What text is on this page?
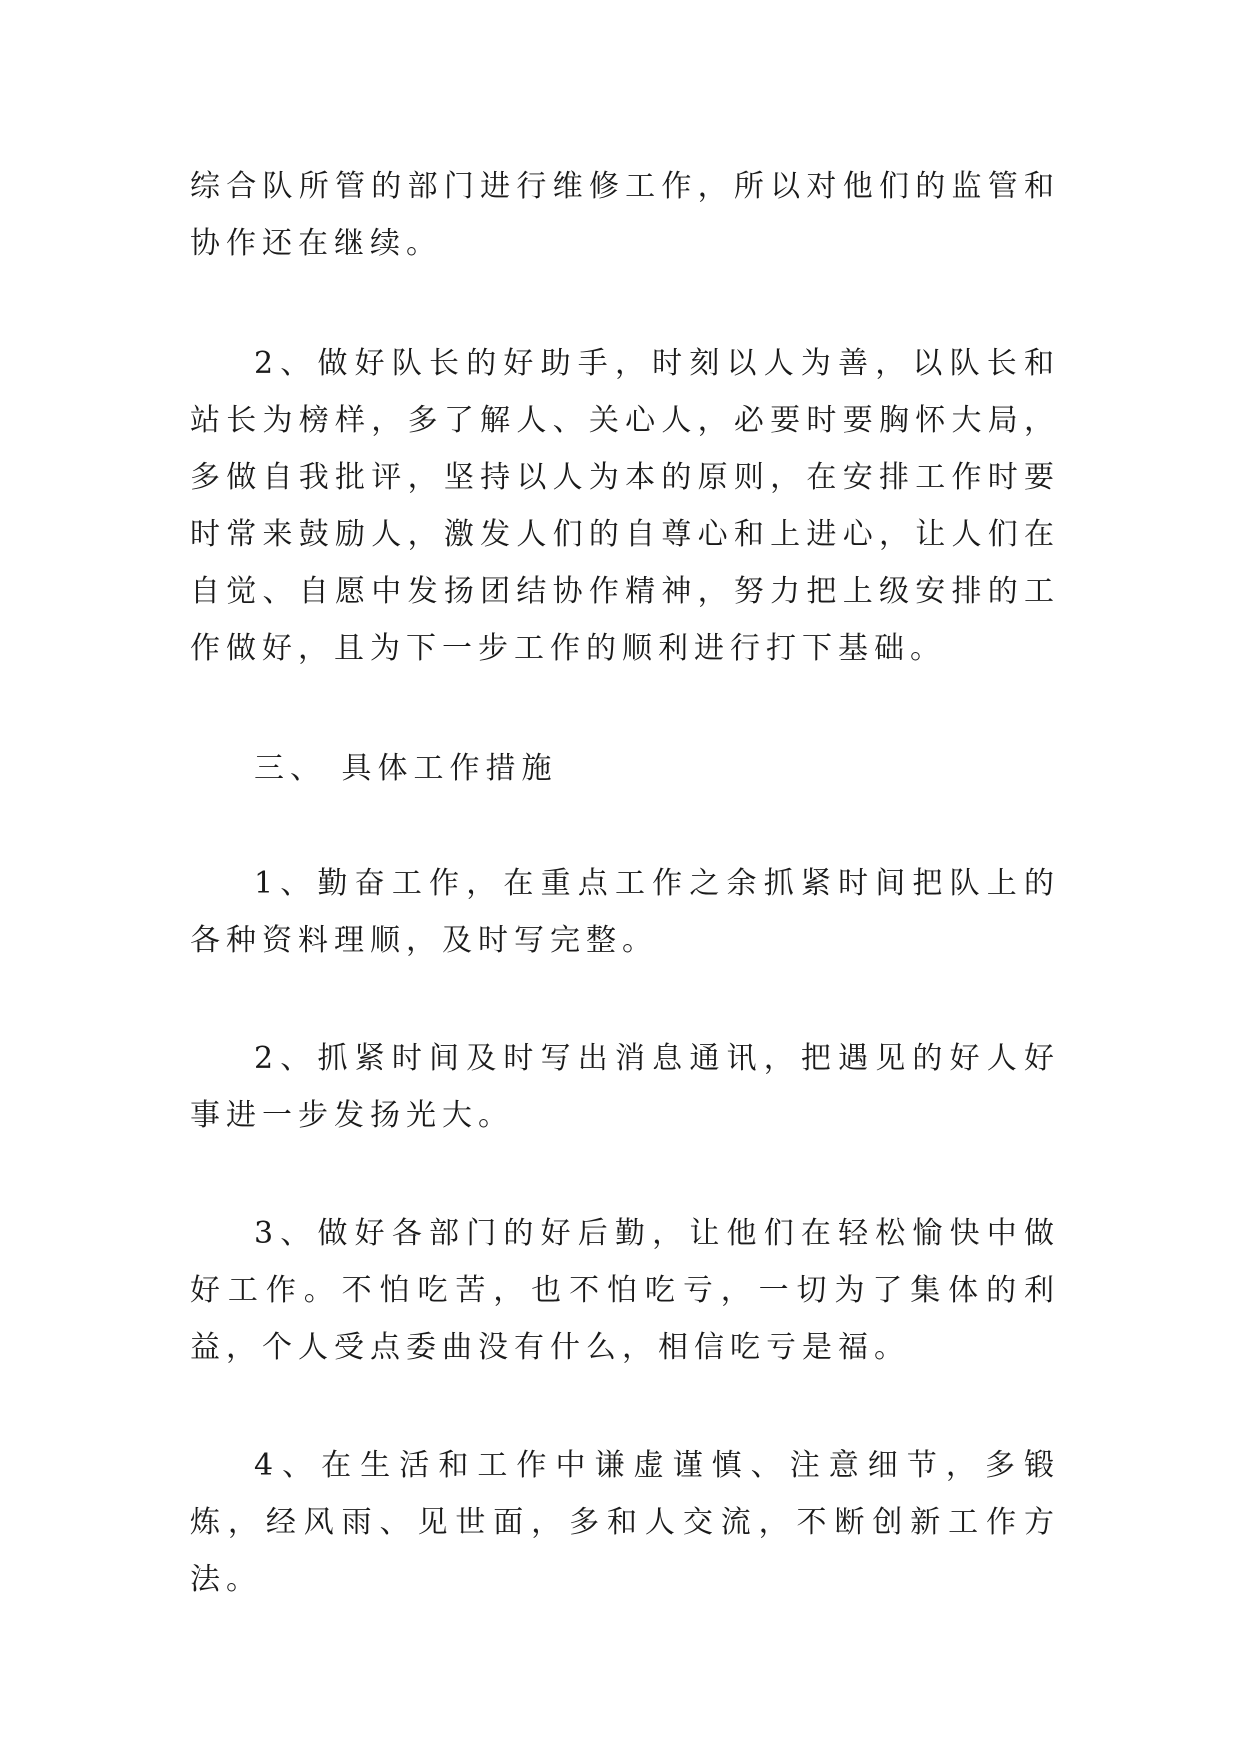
综合队所管的部门进行维修工作，所以对他们的监管和协作还在继续。

2、做好队长的好助手，时刻以人为善，以队长和站长为榜样，多了解人、关心人，必要时要胸怀大局，多做自我批评，坚持以人为本的原则，在安排工作时要时常来鼓励人，激发人们的自尊心和上进心，让人们在自觉、自愿中发扬团结协作精神，努力把上级安排的工作做好，且为下一步工作的顺利进行打下基础。

三、 具体工作措施

1、勤奋工作，在重点工作之余抓紧时间把队上的各种资料理顺，及时写完整。

2、抓紧时间及时写出消息通讯，把遇见的好人好事进一步发扬光大。

3、做好各部门的好后勤，让他们在轻松愉快中做好工作。不怕吃苦，也不怕吃亏，一切为了集体的利益，个人受点委曲没有什么，相信吃亏是福。

4、在生活和工作中谦虚谨慎、注意细节，多锻炼，经风雨、见世面，多和人交流，不断创新工作方法。
